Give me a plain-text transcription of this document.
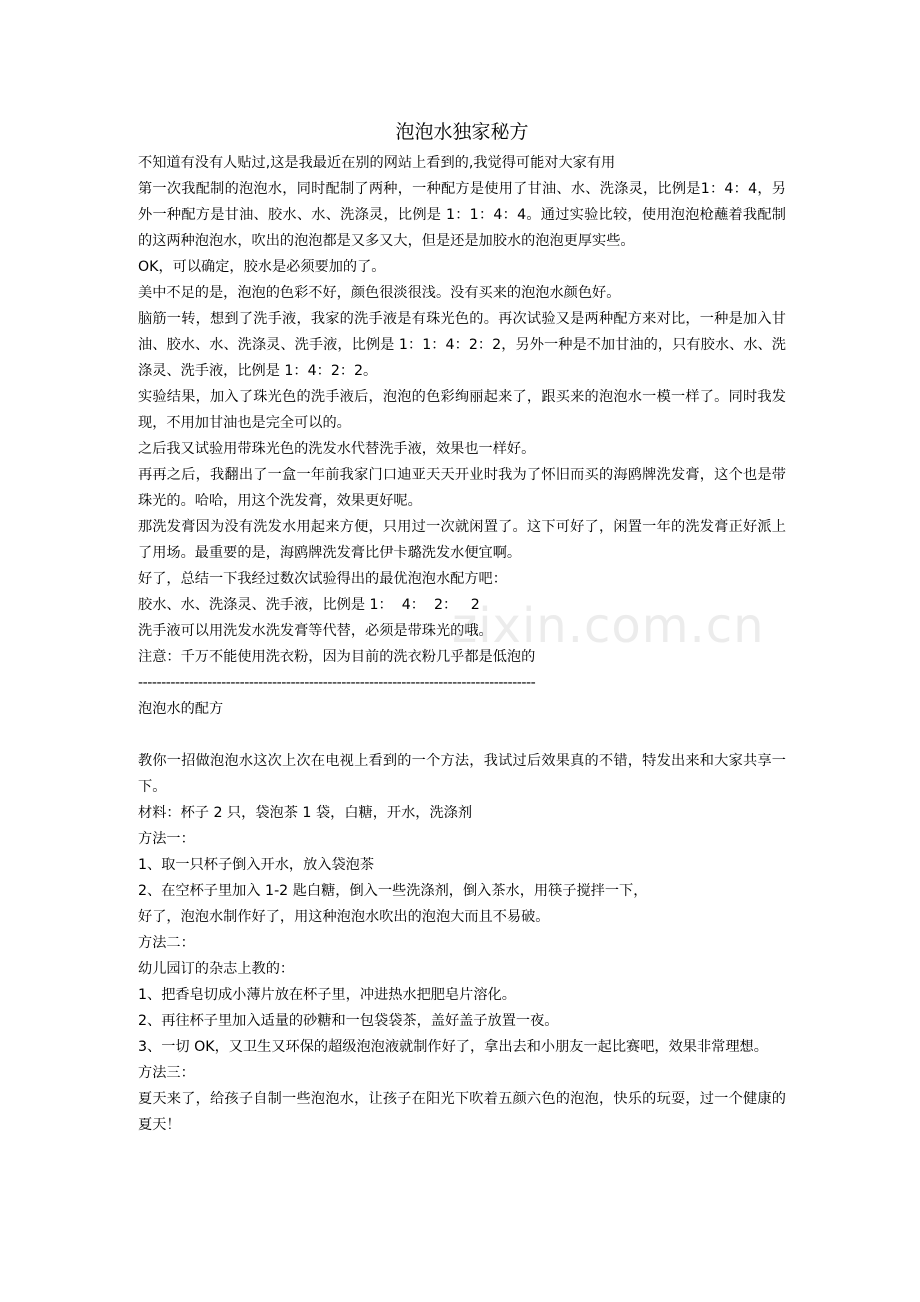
泡泡水独家秘方

不知道有没有人贴过,这是我最近在别的网站上看到的,我觉得可能对大家有用

第一次我配制的泡泡水，同时配制了两种，一种配方是使用了甘油、水、洗涤灵，比例是1：4：4，另外一种配方是甘油、胶水、水、洗涤灵，比例是 1：1：4：4。通过实验比较，使用泡泡枪蘸着我配制的这两种泡泡水，吹出的泡泡都是又多又大，但是还是加胶水的泡泡更厚实些。

OK，可以确定，胶水是必须要加的了。

美中不足的是，泡泡的色彩不好，颜色很淡很浅。没有买来的泡泡水颜色好。

脑筋一转，想到了洗手液，我家的洗手液是有珠光色的。再次试验又是两种配方来对比，一种是加入甘油、胶水、水、洗涤灵、洗手液，比例是 1：1：4：2：2，另外一种是不加甘油的，只有胶水、水、洗涤灵、洗手液，比例是 1：4：2：2。

实验结果，加入了珠光色的洗手液后，泡泡的色彩绚丽起来了，跟买来的泡泡水一模一样了。同时我发现，不用加甘油也是完全可以的。

之后我又试验用带珠光色的洗发水代替洗手液，效果也一样好。

再再之后，我翻出了一盒一年前我家门口迪亚天天开业时我为了怀旧而买的海鸥牌洗发膏，这个也是带珠光的。哈哈，用这个洗发膏，效果更好呢。

那洗发膏因为没有洗发水用起来方便，只用过一次就闲置了。这下可好了，闲置一年的洗发膏正好派上了用场。最重要的是，海鸥牌洗发膏比伊卡璐洗发水便宜啊。

好了，总结一下我经过数次试验得出的最优泡泡水配方吧：

胶水、水、洗涤灵、洗手液，比例是 1：  4：  2：   2

洗手液可以用洗发水洗发膏等代替，必须是带珠光的哦。

注意：千万不能使用洗衣粉，因为目前的洗衣粉几乎都是低泡的

--------------------------------------------------------------------------------------

泡泡水的配方

教你一招做泡泡水这次上次在电视上看到的一个方法，我试过后效果真的不错，特发出来和大家共享一下。

材料：杯子 2 只，袋泡茶 1 袋，白糖，开水，洗涤剂

方法一：

1、取一只杯子倒入开水，放入袋泡茶

2、在空杯子里加入 1-2 匙白糖，倒入一些洗涤剂，倒入茶水，用筷子搅拌一下，

好了，泡泡水制作好了，用这种泡泡水吹出的泡泡大而且不易破。

方法二：

幼儿园订的杂志上教的：

1、把香皂切成小薄片放在杯子里，冲进热水把肥皂片溶化。

2、再往杯子里加入适量的砂糖和一包袋袋茶，盖好盖子放置一夜。

3、一切 OK，又卫生又环保的超级泡泡液就制作好了，拿出去和小朋友一起比赛吧，效果非常理想。

方法三：

夏天来了，给孩子自制一些泡泡水，让孩子在阳光下吹着五颜六色的泡泡，快乐的玩耍，过一个健康的夏天！

zixin.com.cn
